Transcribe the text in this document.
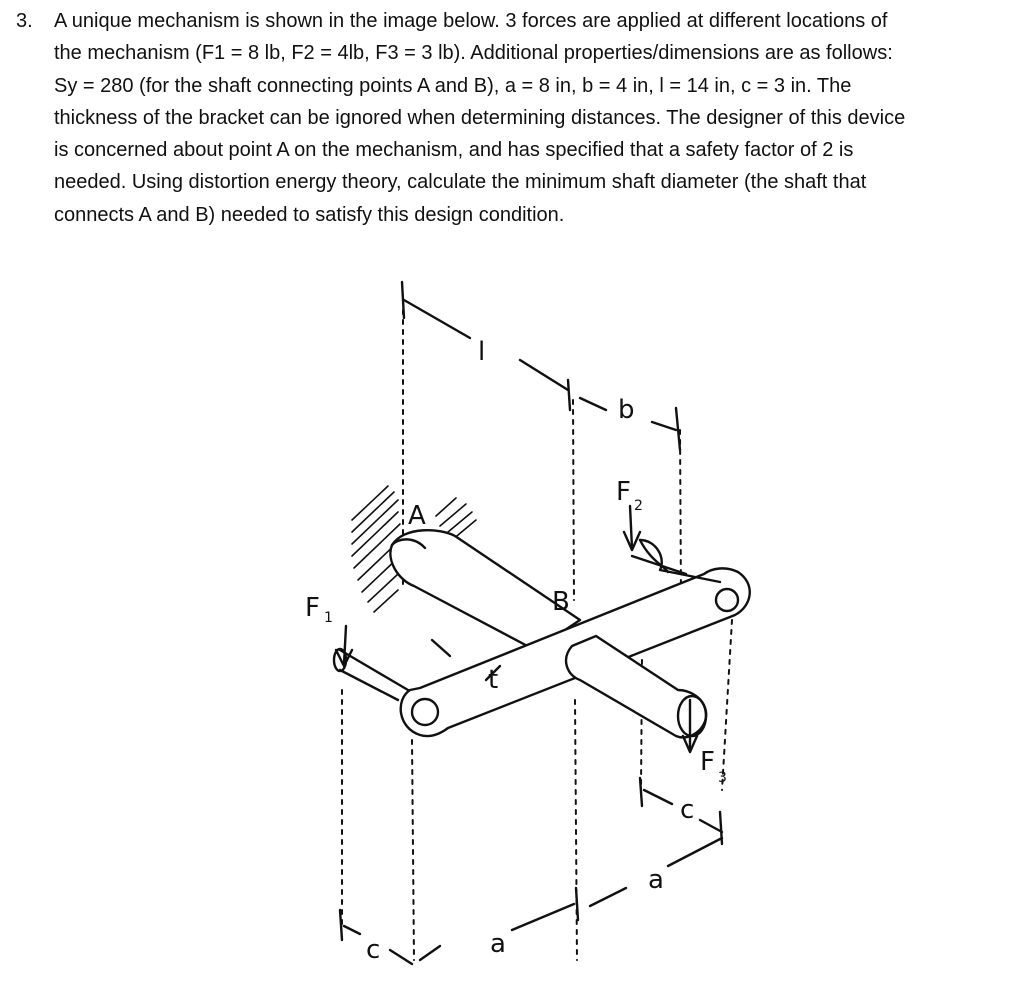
3. A unique mechanism is shown in the image below. 3 forces are applied at different locations of
the mechanism (F1 = 8 lb, F2 = 4lb, F3 = 3 lb). Additional properties/dimensions are as follows:
Sy = 280 (for the shaft connecting points A and B), a = 8 in, b = 4 in, l = 14 in, c = 3 in. The
thickness of the bracket can be ignored when determining distances. The designer of this device
is concerned about point A on the mechanism, and has specified that a safety factor of 2 is
needed. Using distortion energy theory, calculate the minimum shaft diameter (the shaft that
connects A and B) needed to satisfy this design condition.
l
b
A
B
F 1
F 2
F
3
t
c
a
a
c
